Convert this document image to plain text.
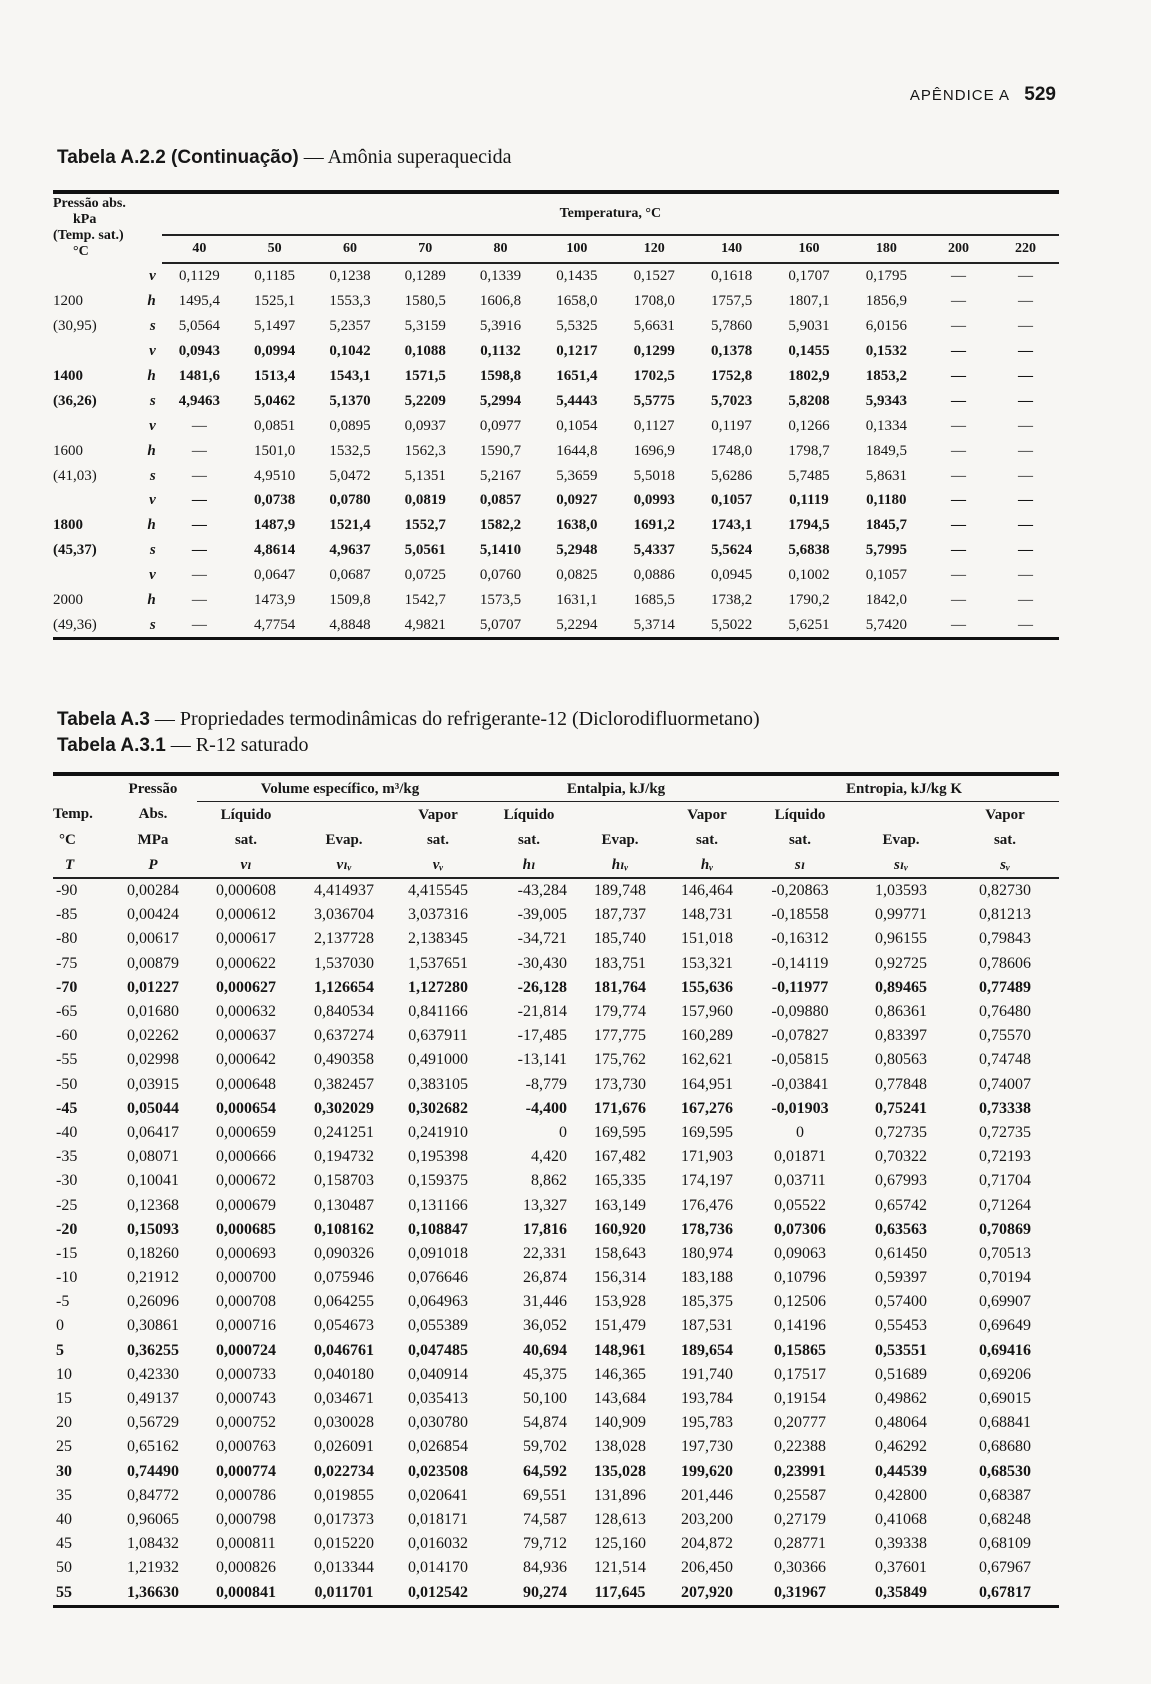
APÊNDICE A 529
Tabela A.2.2 (Continuação) — Amônia superaquecida
Pressão abs.
kPa
(Temp. sat.)
°C		Temperatura, °C											
		40	50	60	70	80	100	120	140	160	180	200	220
	v	0,1129	0,1185	0,1238	0,1289	0,1339	0,1435	0,1527	0,1618	0,1707	0,1795	—	—
1200	h	1495,4	1525,1	1553,3	1580,5	1606,8	1658,0	1708,0	1757,5	1807,1	1856,9	—	—
(30,95)	s	5,0564	5,1497	5,2357	5,3159	5,3916	5,5325	5,6631	5,7860	5,9031	6,0156	—	—
	v	0,0943	0,0994	0,1042	0,1088	0,1132	0,1217	0,1299	0,1378	0,1455	0,1532	—	—
1400	h	1481,6	1513,4	1543,1	1571,5	1598,8	1651,4	1702,5	1752,8	1802,9	1853,2	—	—
(36,26)	s	4,9463	5,0462	5,1370	5,2209	5,2994	5,4443	5,5775	5,7023	5,8208	5,9343	—	—
	v	—	0,0851	0,0895	0,0937	0,0977	0,1054	0,1127	0,1197	0,1266	0,1334	—	—
1600	h	—	1501,0	1532,5	1562,3	1590,7	1644,8	1696,9	1748,0	1798,7	1849,5	—	—
(41,03)	s	—	4,9510	5,0472	5,1351	5,2167	5,3659	5,5018	5,6286	5,7485	5,8631	—	—
	v	—	0,0738	0,0780	0,0819	0,0857	0,0927	0,0993	0,1057	0,1119	0,1180	—	—
1800	h	—	1487,9	1521,4	1552,7	1582,2	1638,0	1691,2	1743,1	1794,5	1845,7	—	—
(45,37)	s	—	4,8614	4,9637	5,0561	5,1410	5,2948	5,4337	5,5624	5,6838	5,7995	—	—
	v	—	0,0647	0,0687	0,0725	0,0760	0,0825	0,0886	0,0945	0,1002	0,1057	—	—
2000	h	—	1473,9	1509,8	1542,7	1573,5	1631,1	1685,5	1738,2	1790,2	1842,0	—	—
(49,36)	s	—	4,7754	4,8848	4,9821	5,0707	5,2294	5,3714	5,5022	5,6251	5,7420	—	—
Tabela A.3 — Propriedades termodinâmicas do refrigerante-12 (Diclorodifluormetano)
Tabela A.3.1 — R-12 saturado
	Pressão	Volume específico, m³/kg			Entalpia, kJ/kg			Entropia, kJ/kg K		
Temp.	Abs.	Líquido		Vapor	Líquido		Vapor	Líquido		Vapor
°C	MPa	sat.	Evap.	sat.	sat.	Evap.	sat.	sat.	Evap.	sat.
T	P	vₗ	vₗᵥ	vᵥ	hₗ	hₗᵥ	hᵥ	sₗ	sₗᵥ	sᵥ
-90	0,00284	0,000608	4,414937	4,415545	-43,284	189,748	146,464	-0,20863	1,03593	0,82730
-85	0,00424	0,000612	3,036704	3,037316	-39,005	187,737	148,731	-0,18558	0,99771	0,81213
-80	0,00617	0,000617	2,137728	2,138345	-34,721	185,740	151,018	-0,16312	0,96155	0,79843
-75	0,00879	0,000622	1,537030	1,537651	-30,430	183,751	153,321	-0,14119	0,92725	0,78606
-70	0,01227	0,000627	1,126654	1,127280	-26,128	181,764	155,636	-0,11977	0,89465	0,77489
-65	0,01680	0,000632	0,840534	0,841166	-21,814	179,774	157,960	-0,09880	0,86361	0,76480
-60	0,02262	0,000637	0,637274	0,637911	-17,485	177,775	160,289	-0,07827	0,83397	0,75570
-55	0,02998	0,000642	0,490358	0,491000	-13,141	175,762	162,621	-0,05815	0,80563	0,74748
-50	0,03915	0,000648	0,382457	0,383105	-8,779	173,730	164,951	-0,03841	0,77848	0,74007
-45	0,05044	0,000654	0,302029	0,302682	-4,400	171,676	167,276	-0,01903	0,75241	0,73338
-40	0,06417	0,000659	0,241251	0,241910	0	169,595	169,595	0	0,72735	0,72735
-35	0,08071	0,000666	0,194732	0,195398	4,420	167,482	171,903	0,01871	0,70322	0,72193
-30	0,10041	0,000672	0,158703	0,159375	8,862	165,335	174,197	0,03711	0,67993	0,71704
-25	0,12368	0,000679	0,130487	0,131166	13,327	163,149	176,476	0,05522	0,65742	0,71264
-20	0,15093	0,000685	0,108162	0,108847	17,816	160,920	178,736	0,07306	0,63563	0,70869
-15	0,18260	0,000693	0,090326	0,091018	22,331	158,643	180,974	0,09063	0,61450	0,70513
-10	0,21912	0,000700	0,075946	0,076646	26,874	156,314	183,188	0,10796	0,59397	0,70194
-5	0,26096	0,000708	0,064255	0,064963	31,446	153,928	185,375	0,12506	0,57400	0,69907
0	0,30861	0,000716	0,054673	0,055389	36,052	151,479	187,531	0,14196	0,55453	0,69649
5	0,36255	0,000724	0,046761	0,047485	40,694	148,961	189,654	0,15865	0,53551	0,69416
10	0,42330	0,000733	0,040180	0,040914	45,375	146,365	191,740	0,17517	0,51689	0,69206
15	0,49137	0,000743	0,034671	0,035413	50,100	143,684	193,784	0,19154	0,49862	0,69015
20	0,56729	0,000752	0,030028	0,030780	54,874	140,909	195,783	0,20777	0,48064	0,68841
25	0,65162	0,000763	0,026091	0,026854	59,702	138,028	197,730	0,22388	0,46292	0,68680
30	0,74490	0,000774	0,022734	0,023508	64,592	135,028	199,620	0,23991	0,44539	0,68530
35	0,84772	0,000786	0,019855	0,020641	69,551	131,896	201,446	0,25587	0,42800	0,68387
40	0,96065	0,000798	0,017373	0,018171	74,587	128,613	203,200	0,27179	0,41068	0,68248
45	1,08432	0,000811	0,015220	0,016032	79,712	125,160	204,872	0,28771	0,39338	0,68109
50	1,21932	0,000826	0,013344	0,014170	84,936	121,514	206,450	0,30366	0,37601	0,67967
55	1,36630	0,000841	0,011701	0,012542	90,274	117,645	207,920	0,31967	0,35849	0,67817
